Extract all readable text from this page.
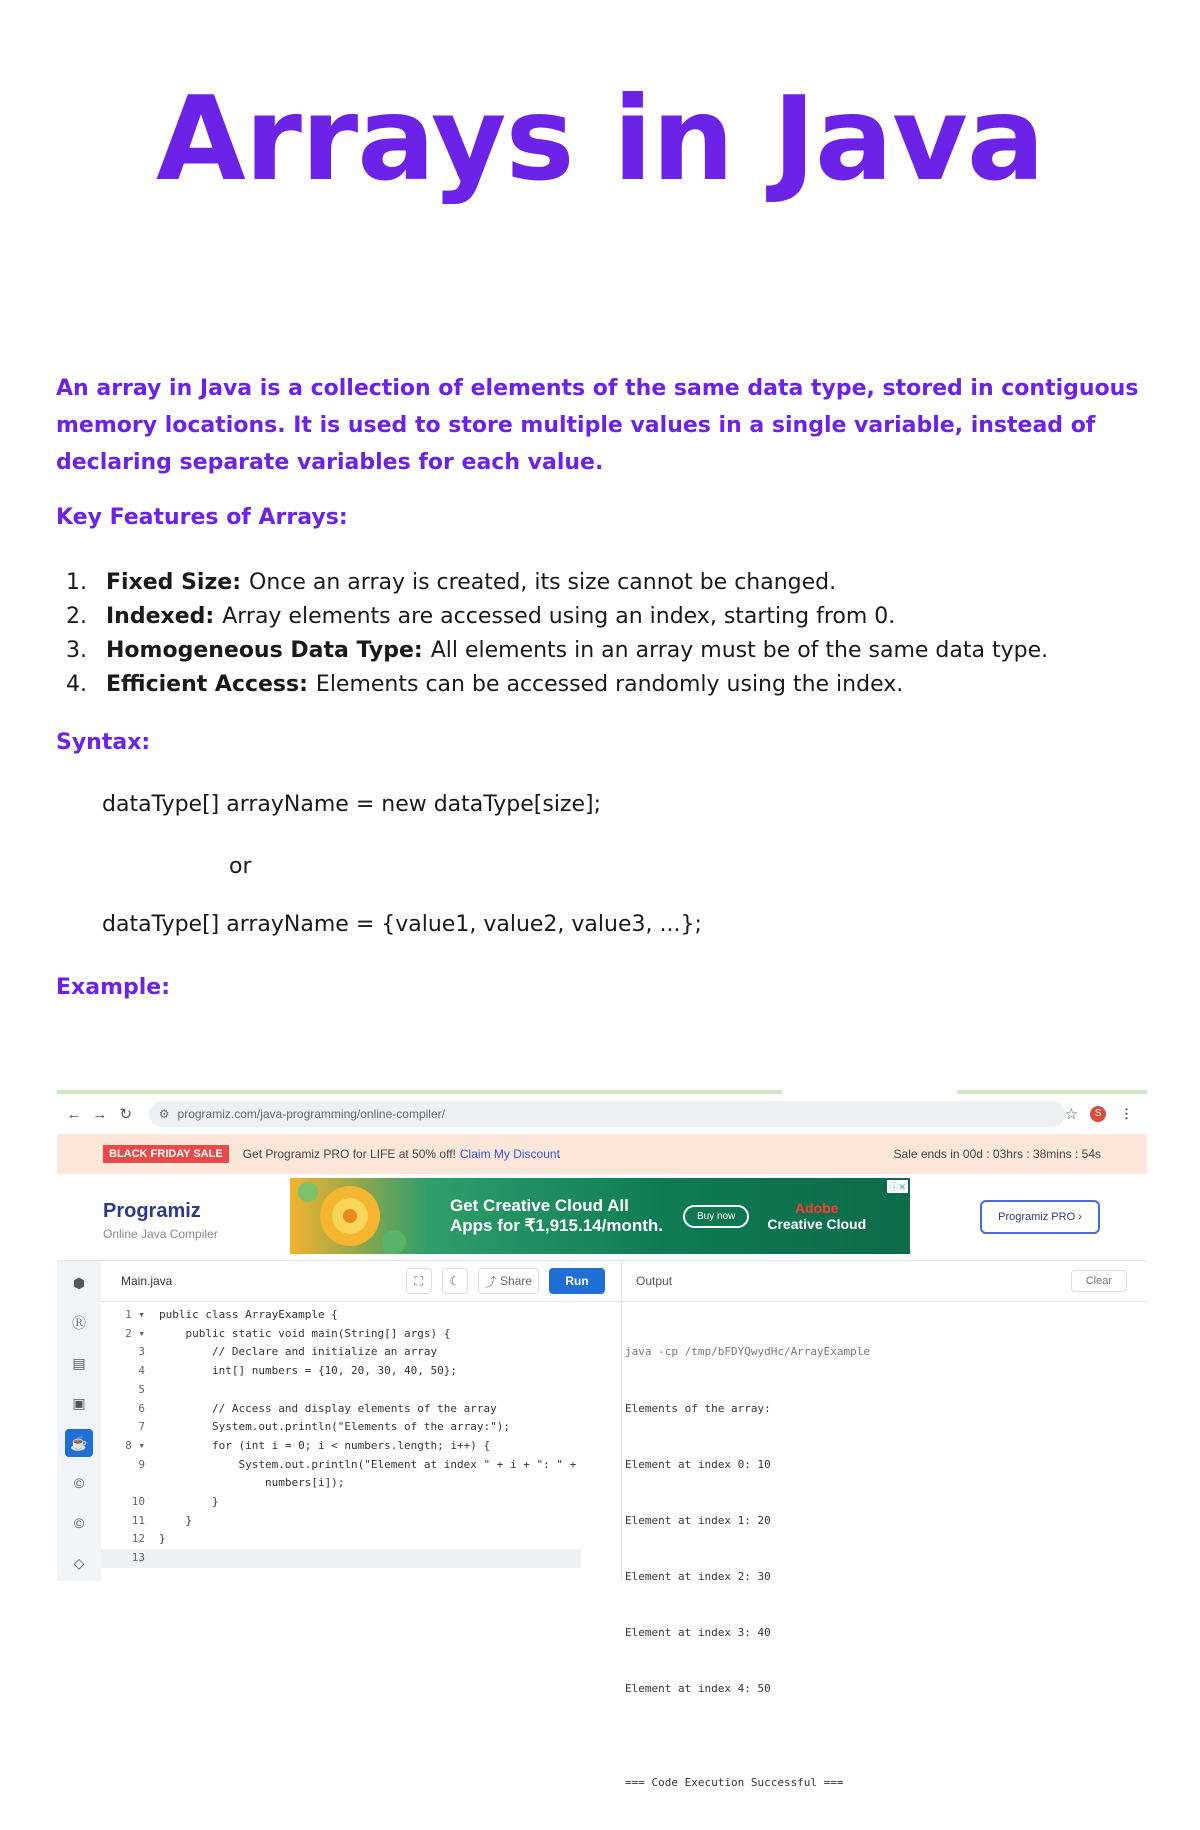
Arrays in Java

An array in Java is a collection of elements of the same data type, stored in contiguous memory locations. It is used to store multiple values in a single variable, instead of declaring separate variables for each value.

Key Features of Arrays:
1. Fixed Size: Once an array is created, its size cannot be changed.
2. Indexed: Array elements are accessed using an index, starting from 0.
3. Homogeneous Data Type: All elements in an array must be of the same data type.
4. Efficient Access: Elements can be accessed randomly using the index.
Syntax:
dataType[] arrayName = new dataType[size];
or
dataType[] arrayName = {value1, value2, value3, ...};
Example:
← → ↻ ⚙ programiz.com/java-programming/online-compiler/	☆	S	⋮
BLACK FRIDAY SALE	Get Programiz PRO for LIFE at 50% off! Claim My Discount	Sale ends in 00d : 03hrs : 38mins : 54s
Programiz
Online Java Compiler
Get Creative Cloud All
Apps for ₹1,915.14/month.	Buy now	Adobe
Creative Cloud
ⓘ✕
Programiz PRO ›
⬢
Ⓡ
▤
▣
☕
©
©
◇
Main.java	⛶	☾	⤴ Share	Run
1 ▾	public class ArrayExample {
2 ▾	public static void main(String[] args) {
3	// Declare and initialize an array
4	int[] numbers = {10, 20, 30, 40, 50};
5
6	// Access and display elements of the array
7	System.out.println("Elements of the array:");
8 ▾	for (int i = 0; i < numbers.length; i++) {
9	System.out.println("Element at index " + i + ": " +
numbers[i]);
10	}
11	}
12	}
13
Output	Clear

java -cp /tmp/bFDYQwydHc/ArrayExample

Elements of the array:

Element at index 0: 10

Element at index 1: 20

Element at index 2: 30

Element at index 3: 40

Element at index 4: 50

=== Code Execution Successful ===
